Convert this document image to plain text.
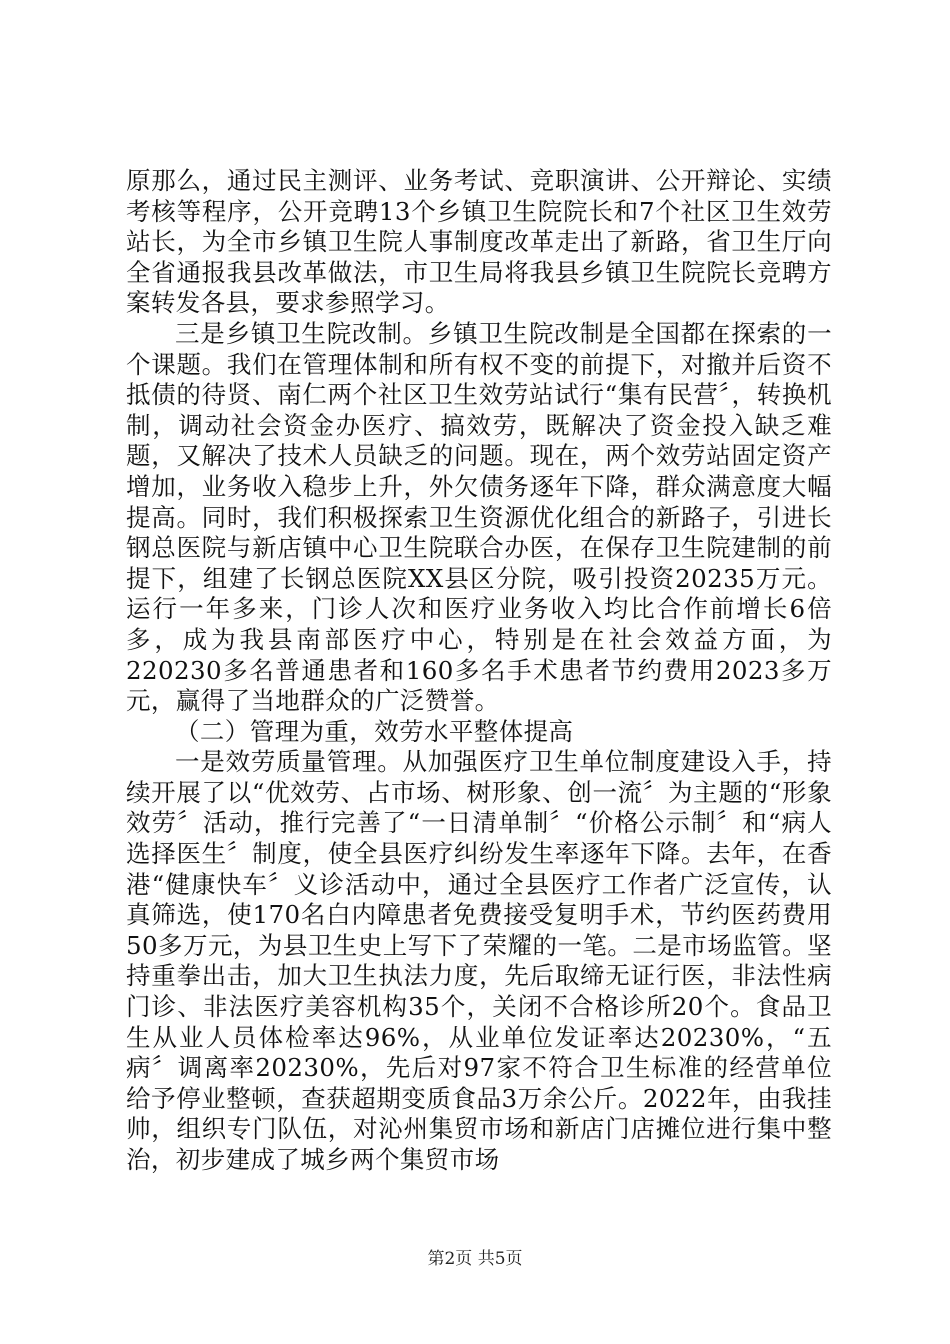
原那么，通过民主测评、业务考试、竞职演讲、公开辩论、实绩考核等程序，公开竞聘13个乡镇卫生院院长和7个社区卫生效劳站长，为全市乡镇卫生院人事制度改革走出了新路，省卫生厅向全省通报我县改革做法，市卫生局将我县乡镇卫生院院长竞聘方案转发各县，要求参照学习。

三是乡镇卫生院改制。乡镇卫生院改制是全国都在探索的一个课题。我们在管理体制和所有权不变的前提下，对撤并后资不抵债的待贤、南仁两个社区卫生效劳站试行“集有民营〞，转换机制，调动社会资金办医疗、搞效劳，既解决了资金投入缺乏难题，又解决了技术人员缺乏的问题。现在，两个效劳站固定资产增加，业务收入稳步上升，外欠债务逐年下降，群众满意度大幅提高。同时，我们积极探索卫生资源优化组合的新路子，引进长钢总医院与新店镇中心卫生院联合办医，在保存卫生院建制的前提下，组建了长钢总医院XX县区分院，吸引投资20235万元。运行一年多来，门诊人次和医疗业务收入均比合作前增长6倍多，成为我县南部医疗中心，特别是在社会效益方面，为220230多名普通患者和160多名手术患者节约费用2023多万元，赢得了当地群众的广泛赞誉。

（二）管理为重，效劳水平整体提高

一是效劳质量管理。从加强医疗卫生单位制度建设入手，持续开展了以“优效劳、占市场、树形象、创一流〞为主题的“形象效劳〞活动，推行完善了“一日清单制〞“价格公示制〞和“病人选择医生〞制度，使全县医疗纠纷发生率逐年下降。去年，在香港“健康快车〞义诊活动中，通过全县医疗工作者广泛宣传，认真筛选，使170名白内障患者免费接受复明手术，节约医药费用50多万元，为县卫生史上写下了荣耀的一笔。二是市场监管。坚持重拳出击，加大卫生执法力度，先后取缔无证行医，非法性病门诊、非法医疗美容机构35个，关闭不合格诊所20个。食品卫生从业人员体检率达96%，从业单位发证率达20230%，“五病〞调离率20230%，先后对97家不符合卫生标准的经营单位给予停业整顿，查获超期变质食品3万余公斤。2022年，由我挂帅，组织专门队伍，对沁州集贸市场和新店门店摊位进行集中整治，初步建成了城乡两个集贸市场

第2页 共5页
